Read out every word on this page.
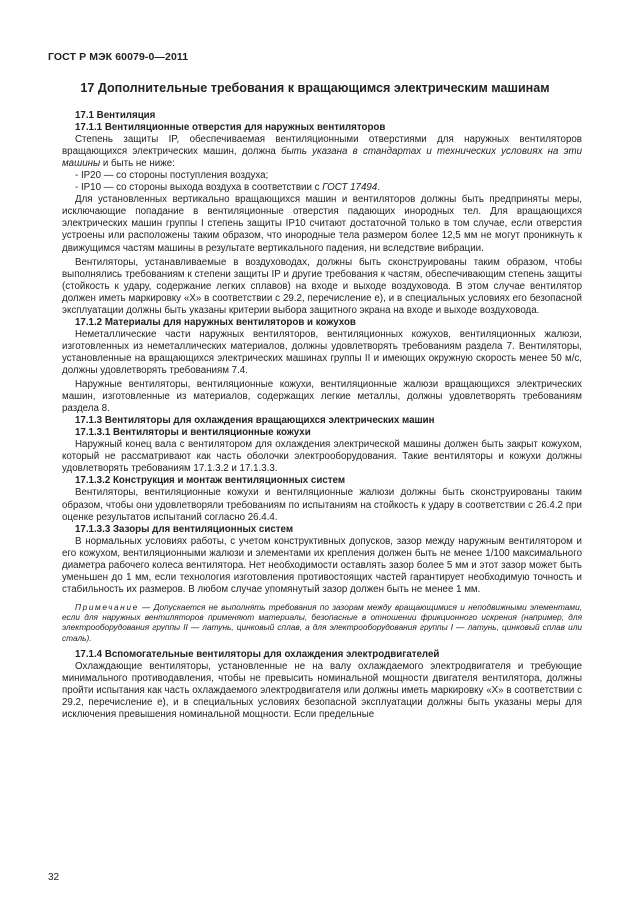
ГОСТ Р МЭК 60079-0—2011
17 Дополнительные требования к вращающимся электрическим машинам

17.1 Вентиляция

17.1.1 Вентиляционные отверстия для наружных вентиляторов

Степень защиты IP, обеспечиваемая вентиляционными отверстиями для наружных вентиляторов вращающихся электрических машин, должна быть указана в стандартах и технических условиях на эти машины и быть не ниже:

- IP20 — со стороны поступления воздуха;

- IP10 — со стороны выхода воздуха в соответствии с ГОСТ 17494.

Для установленных вертикально вращающихся машин и вентиляторов должны быть предприняты меры, исключающие попадание в вентиляционные отверстия падающих инородных тел. Для вращающихся электрических машин группы I степень защиты IP10 считают достаточной только в том случае, если отверстия устроены или расположены таким образом, что инородные тела размером более 12,5 мм не могут проникнуть к движущимся частям машины в результате вертикального падения, ни вследствие вибрации.

Вентиляторы, устанавливаемые в воздуховодах, должны быть сконструированы таким образом, чтобы выполнялись требованиям к степени защиты IP и другие требования к частям, обеспечивающим степень защиты (стойкость к удару, содержание легких сплавов) на входе и выходе воздуховода. В этом случае вентилятор должен иметь маркировку «X» в соответствии с 29.2, перечисление е), и в специальных условиях его безопасной эксплуатации должны быть указаны критерии выбора защитного экрана на входе и выходе воздуховода.

17.1.2 Материалы для наружных вентиляторов и кожухов

Неметаллические части наружных вентиляторов, вентиляционных кожухов, вентиляционных жалюзи, изготовленных из неметаллических материалов, должны удовлетворять требованиям раздела 7. Вентиляторы, установленные на вращающихся электрических машинах группы II и имеющих окружную скорость менее 50 м/с, должны удовлетворять требованиям 7.4.

Наружные вентиляторы, вентиляционные кожухи, вентиляционные жалюзи вращающихся электрических машин, изготовленные из материалов, содержащих легкие металлы, должны удовлетворять требованиям раздела 8.

17.1.3 Вентиляторы для охлаждения вращающихся электрических машин

17.1.3.1 Вентиляторы и вентиляционные кожухи

Наружный конец вала с вентилятором для охлаждения электрической машины должен быть закрыт кожухом, который не рассматривают как часть оболочки электрооборудования. Такие вентиляторы и кожухи должны удовлетворять требованиям 17.1.3.2 и 17.1.3.3.

17.1.3.2 Конструкция и монтаж вентиляционных систем

Вентиляторы, вентиляционные кожухи и вентиляционные жалюзи должны быть сконструированы таким образом, чтобы они удовлетворяли требованиям по испытаниям на стойкость к удару в соответствии с 26.4.2 при оценке результатов испытаний согласно 26.4.4.

17.1.3.3 Зазоры для вентиляционных систем

В нормальных условиях работы, с учетом конструктивных допусков, зазор между наружным вентилятором и его кожухом, вентиляционными жалюзи и элементами их крепления должен быть не менее 1/100 максимального диаметра рабочего колеса вентилятора. Нет необходимости оставлять зазор более 5 мм и этот зазор может быть уменьшен до 1 мм, если технология изготовления противостоящих частей гарантирует необходимую точность и стабильность их размеров. В любом случае упомянутый зазор должен быть не менее 1 мм.

Примечание — Допускается не выполнять требования по зазорам между вращающимися и неподвижными элементами, если для наружных вентиляторов применяют материалы, безопасные в отношении фрикционного искрения (например, для электрооборудования группы II — латунь, цинковый сплав, а для электрооборудования группы I — латунь, цинковый сплав или сталь).

17.1.4 Вспомогательные вентиляторы для охлаждения электродвигателей

Охлаждающие вентиляторы, установленные не на валу охлаждаемого электродвигателя и требующие минимального противодавления, чтобы не превысить номинальной мощности двигателя вентилятора, должны пройти испытания как часть охлаждаемого электродвигателя или должны иметь маркировку «X» в соответствии с 29.2, перечисление е), и в специальных условиях безопасной эксплуатации должны быть указаны меры для исключения превышения номинальной мощности. Если предельные

32
